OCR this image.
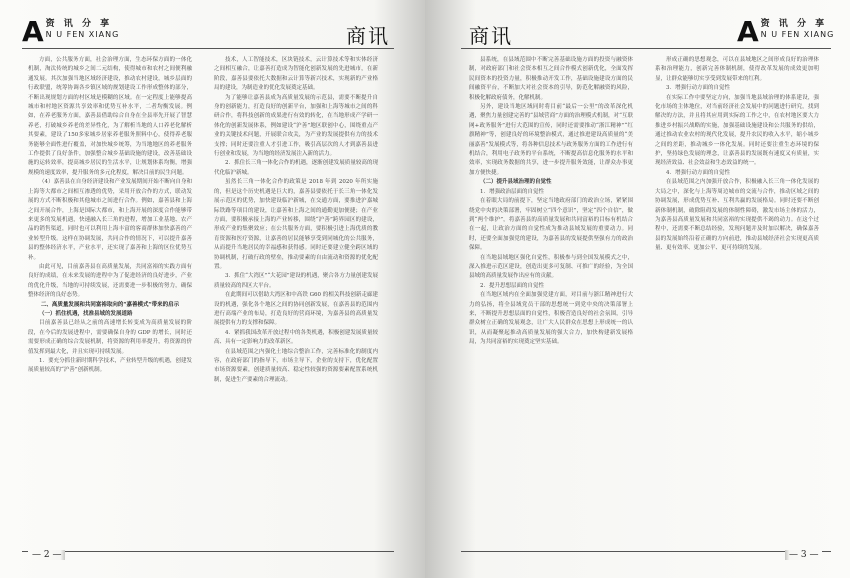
A 资 讯 分 享
N U FEN XIANG	商讯

方面，公共服务方面，社会治理方面，生态环保方面的一体化机制，淘汰传统的城乡之间二元结构，使得城市和农村之间便利融通发展。其次加强当地区域经济建设，推动农村建设，城乡层面的行政联盟，统筹协调各乡镇区域的规划建设工作形成整体的部分，不断出现规划方面的村区域是模糊的区域。在一定程度上能够提高城市和村地区资源共享效率和优势互补水平，二者均衡发展。例如，在养老服务方面，嘉善县借助综合自身在全县率先开展了智慧养老，打破城乡养老的差异性化，为了解析当地的人口养老化解析其要素，建设了150多家城乡居家养老服务照料中心，使得养老服务能够全面性进行覆盖，对加快城乡统筹，为当地地区的养老服务工作提供了良好条件，加强整合城乡基础设施的建设，改善基础设施的运转效率，提高城乡居民的生活水平，让规划体系均衡，增强规模的速度效率，提升服务的多元化程度，解决目前的民生问题。

（4）嘉善县在自身经济建设和产业发展期间开始不断向自身和上海等大都市之间相互渗透的优势，采用开放合作的方式，联动发展的方式不断积极和其他城市之间进行合作。例如，嘉善县和上海之间开展合作，上海是国际大都市，和上海开展的深度合作能够带来更多的发展机遇，快速融入长三角的进程，增加工业基地、农产品的销售渠道，同时也可以利用上海丰富的客商群体加快嘉善的产业转型升级。这样在协调发展，共同合作的情况下，可以提升嘉善县的整体经济水平，产业水平，还实现了嘉善和上海的区位优势互补。

由此可见，目前嘉善县在高质量发展，共同富裕的实践方面有良好的成绩，在未来发展的进程中为了促进经济的良好进步，产业的优化升级，当地的可持续发展，还需要进一步积极的努力，确保整体经济的良好态势。

二、高质量发展和共同富裕取向的“嘉善模式”带来的启示

（一）抓住机遇，找准县域的发展道路

目前嘉善县已经从之前的高速增长转变成为高质量发展的阶段，在今后的发展进程中，需要确保自身的 GDP 的增长，同时还需要形成正确的综合发展机制，将资源的利用率提升，将资源的价值发挥到最大化，并且实现可持续发展。

1．要充分抓住新时期科学技术，产业转型升级的机遇，创建发展质量较高的“沪善”创新机制。

技术，人工智能技术，区块链技术，云计算技术等和实体经济之间相互融合，让嘉善打造成为智能化创新发展的先进城市，在新阶段，嘉善县要依托大数据和云计算等新兴技术，实现新的产业格局的建设，为制造业的优化发展奠定基础。

为了能够让嘉善县成为高质量发展的示范县，需要不断提升自身的创新能力，打造良好的创新平台，加强和上海等城市之间的科研合作，将科技创新的成果进行有效的转化，在当地形成产学研一体化的创新发展体系，例如建设“沪善”地区联创中心，围绕重点产业的关键技术问题，开展联合攻关，为产业的发展提供有力的技术支撑；同时还要注重人才引进工作，吸引高层次的人才到嘉善县进行创业和发展，为当地的经济发展注入新的活力。

2．抓住长三角一体化合作的机遇，逐渐创建发展质量较高的现代化临沪新城。

虽然长三角一体化合作的政策是 2018 年到 2020 年所实施的，但是这个历史机遇是巨大的，嘉善县要依托于长三角一体化发展示范区的优势，加快建设临沪新城，在交通方面，要推进沪嘉城际铁路等项目的建设，让嘉善和上海之间的通勤更加便捷；在产业方面，要积极承接上海的产业转移，围绕“沪善”跨界园区的建设，形成产业的集聚效应；在公共服务方面，要积极引进上海优质的教育资源和医疗资源，让嘉善的居民能够享受到同城化的公共服务，从而提升当地居民的幸福感和获得感。同时还要建立健全跨区域的协调机制，打破行政的壁垒，推动要素的自由流动和资源的优化配置。

3．抓住“大湾区”“大花园”建设的机遇，聚合各方力量创建发展质量较高的四区大平台。

在此期间可以借助大湾区和中高铁 G60 的相关科技创新走廊建设的机遇，强化各个地区之间的协同创新发展，在嘉善县的范围内进行高端产业的布局，打造良好的营商环境，为嘉善县的高质量发展提供有力的支撑和保障。

4．紧抓我国改革开放过程中的各类机遇，积极创建发展质量较高、具有一定影响力的改革新区。

在县域范围之内强化土地综合整治工作，完善标准化的制度内容，在政府部门的指导下，市场主导下，企业的支持下，优化配置市场资源要素，创建质量较高、稳定性较强的资源要素配置系统机制，促进生产要素的合理流动。

— 2 —
商讯	A 资 讯 分 享
N U FEN XIANG

县系统，在县域范围中不断完善基础设施方面的投资与融资体制，对政府部门和社会资本相互之间合作模式创新优化，全面发挥民间资本的投资力量，积极推动开发工作，基础设施建设方面的民间融资平台，不断加大对社会资本的引导，防范化解融资的风险，积极化解政府债务，化解机制。

另外，建设当地区域同时将目前“最后一公里”的改革深化机遇，聚焦力量创建完善的“县域营商”方面的治理模式机制，对“互联网+政务服务”进行大范围的宣传，同时还需要推动“浙江精神”“红旗精神”等，创建良好的环境整治模式，通过推进建设高质量的“美丽嘉善”发展模式等，将各种信息技术与政务服务方面的工作进行有机结合，利用电子政务的平台系统，不断提高信息化服务的水平和效率，实现政务数据的共享，进一步提升服务效能，让群众办事更加方便快捷。

（二）提升县域治理的自觉性

1．增强政治层面的自觉性

在着眼大局的前提下，坚定当地政府部门的政治立场，紧紧围绕党中央的决策部署，牢固树立“四个意识”，坚定“四个自信”，做到“两个维护”，将嘉善县的高质量发展和共同富裕的目标有机结合在一起，让政治方面的自觉性成为推动县域发展的重要动力。同时，还要全面加强党的建设，为嘉善县的发展提供坚强有力的政治保障。

在当地县域地区强化自觉性，积极参与到全国发展模式之中，深入推进示范区建设，创造出更多可复制、可推广的经验，为全国县域的高质量发展作出应有的贡献。

2．提升思想层面的自觉性

在当地区域内在全面加强党建方面，对目前与浙江精神进行大力的弘扬，将全县域党员干部的思想统一到党中央的决策部署上来，不断提升思想层面的自觉性，积极营造良好的社会氛围，引导群众树立正确的发展观念，让广大人民群众在思想上形成统一的认识，从而凝聚起推动高质量发展的强大合力，加快构建新发展格局，为共同富裕的实现奠定坚实基础。

形成正确的思想观念，可以在县域地区之间形成良好的治理体系和治理能力，创新完善体制机制，使得改革发展的成效更加明显，让群众能够切实享受到发展带来的红利。

3．增强行动方面的自觉性

在实际工作中要坚定方向，加强当地县域治理的体系建设，强化市场的主体地位，对当前经济社会发展中的问题进行研究，找到解决的方法，并且将其应用到实际的工作之中，在农村地区要大力推进乡村振兴战略的实施，加强基础设施建设和公共服务的供给，通过推动农业农村的现代化发展，提升农民的收入水平，缩小城乡之间的差距，推动城乡一体化发展。同时还要注重生态环境的保护，坚持绿色发展的理念，让嘉善县的发展既有速度又有质量，实现经济效益、社会效益和生态效益的统一。

4．增强行动方面的自觉性

在县域范围之内加强开放合作，积极融入长三角一体化发展的大局之中，深化与上海等周边城市的交流与合作，推动区域之间的协调发展，形成优势互补、互利共赢的发展格局。同时还要不断创新体制机制，破除阻碍发展的体制性障碍，激发市场主体的活力，为嘉善县高质量发展和共同富裕的实现提供不竭的动力。在这个过程中，还需要不断总结经验，发现问题并及时加以解决，确保嘉善县的发展始终沿着正确的方向前进，推动县域经济社会实现更高质量、更有效率、更加公平、更可持续的发展。

— 3 —
